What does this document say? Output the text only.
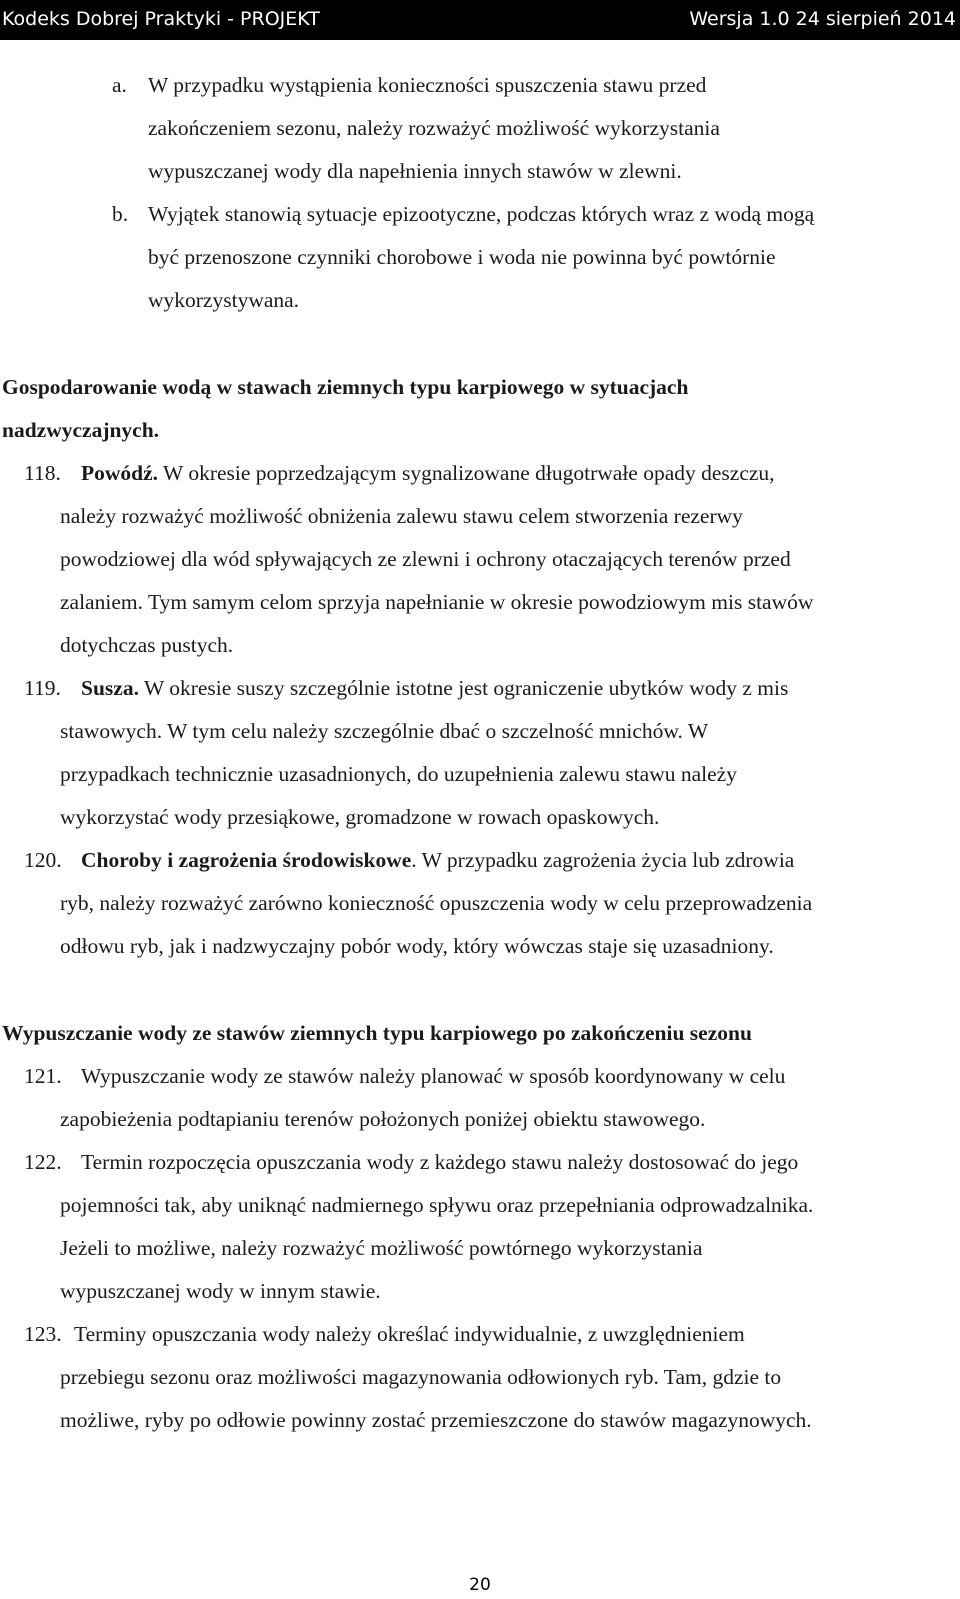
Kodeks Dobrej Praktyki - PROJEKT	Wersja 1.0 24 sierpień 2014
a. W przypadku wystąpienia konieczności spuszczenia stawu przed
zakończeniem sezonu, należy rozważyć możliwość wykorzystania
wypuszczanej wody dla napełnienia innych stawów w zlewni.
b. Wyjątek stanowią sytuacje epizootyczne, podczas których wraz z wodą mogą
być przenoszone czynniki chorobowe i woda nie powinna być powtórnie
wykorzystywana.
Gospodarowanie wodą w stawach ziemnych typu karpiowego w sytuacjach
nadzwyczajnych.
118. Powódź. W okresie poprzedzającym sygnalizowane długotrwałe opady deszczu,
należy rozważyć możliwość obniżenia zalewu stawu celem stworzenia rezerwy
powodziowej dla wód spływających ze zlewni i ochrony otaczających terenów przed
zalaniem. Tym samym celom sprzyja napełnianie w okresie powodziowym mis stawów
dotychczas pustych.
119. Susza. W okresie suszy szczególnie istotne jest ograniczenie ubytków wody z mis
stawowych. W tym celu należy szczególnie dbać o szczelność mnichów. W
przypadkach technicznie uzasadnionych, do uzupełnienia zalewu stawu należy
wykorzystać wody przesiąkowe, gromadzone w rowach opaskowych.
120. Choroby i zagrożenia środowiskowe. W przypadku zagrożenia życia lub zdrowia
ryb, należy rozważyć zarówno konieczność opuszczenia wody w celu przeprowadzenia
odłowu ryb, jak i nadzwyczajny pobór wody, który wówczas staje się uzasadniony.
Wypuszczanie wody ze stawów ziemnych typu karpiowego po zakończeniu sezonu
121. Wypuszczanie wody ze stawów należy planować w sposób koordynowany w celu
zapobieżenia podtapianiu terenów położonych poniżej obiektu stawowego.
122. Termin rozpoczęcia opuszczania wody z każdego stawu należy dostosować do jego
pojemności tak, aby uniknąć nadmiernego spływu oraz przepełniania odprowadzalnika.
Jeżeli to możliwe, należy rozważyć możliwość powtórnego wykorzystania
wypuszczanej wody w innym stawie.
123. Terminy opuszczania wody należy określać indywidualnie, z uwzględnieniem
przebiegu sezonu oraz możliwości magazynowania odłowionych ryb. Tam, gdzie to
możliwe, ryby po odłowie powinny zostać przemieszczone do stawów magazynowych.
20
